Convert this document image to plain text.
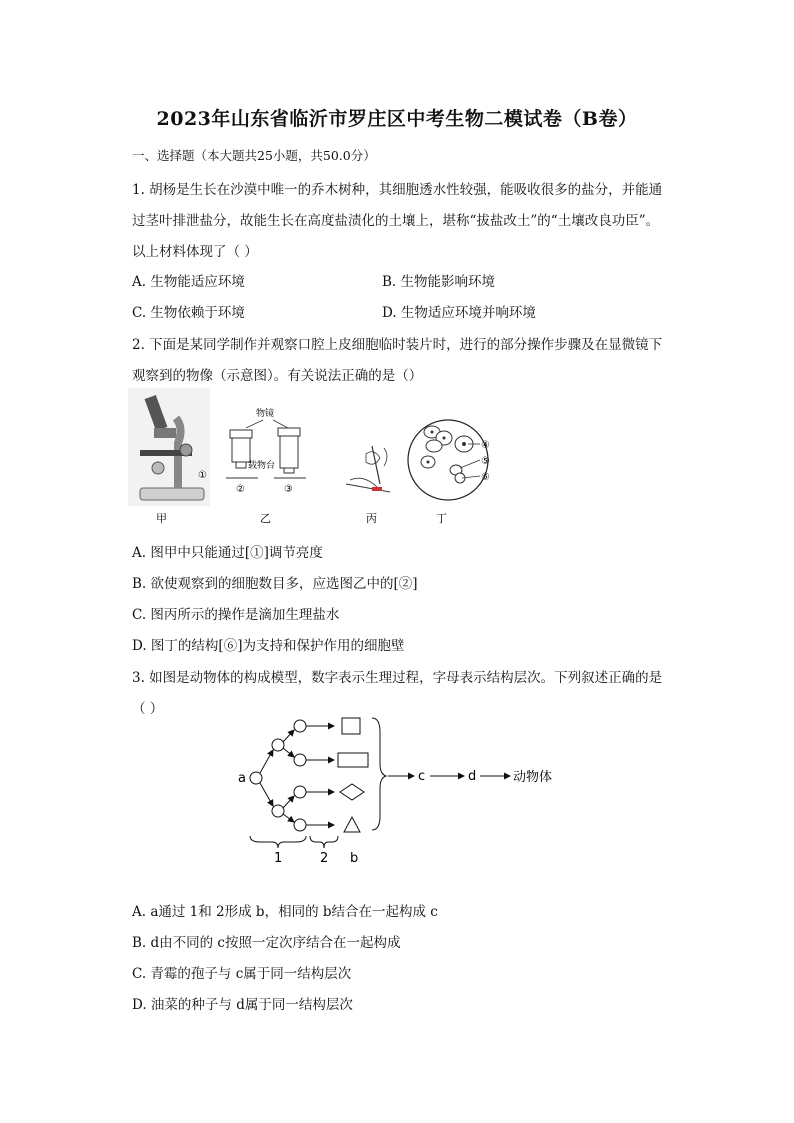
2023年山东省临沂市罗庄区中考生物二模试卷（B卷）
一、选择题（本大题共25小题，共50.0分）
1. 胡杨是生长在沙漠中唯一的乔木树种，其细胞透水性较强，能吸收很多的盐分，并能通
过茎叶排泄盐分，故能生长在高度盐渍化的土壤上，堪称“拔盐改土”的“土壤改良功臣”。
以上材料体现了（ ）
A. 生物能适应环境	B. 生物能影响环境
C. 生物依赖于环境	D. 生物适应环境并响环境
2. 下面是某同学制作并观察口腔上皮细胞临时装片时，进行的部分操作步骤及在显微镜下
观察到的物像（示意图）。有关说法正确的是（）
①
物镜
载物台
②	③
④
⑤
⑥
甲	乙	丙	丁
A. 图甲中只能通过[①]调节亮度
B. 欲使观察到的细胞数目多，应选图乙中的[②]
C. 图丙所示的操作是滴加生理盐水
D. 图丁的结构[⑥]为支持和保护作用的细胞壁
3. 如图是动物体的构成模型，数字表示生理过程，字母表示结构层次。下列叙述正确的是
（ ）
a	c	d	动物体
1	2 b
A. a通过 1和 2形成 b，相同的 b结合在一起构成 c
B. d由不同的 c按照一定次序结合在一起构成
C. 青霉的孢子与 c属于同一结构层次
D. 油菜的种子与 d属于同一结构层次
